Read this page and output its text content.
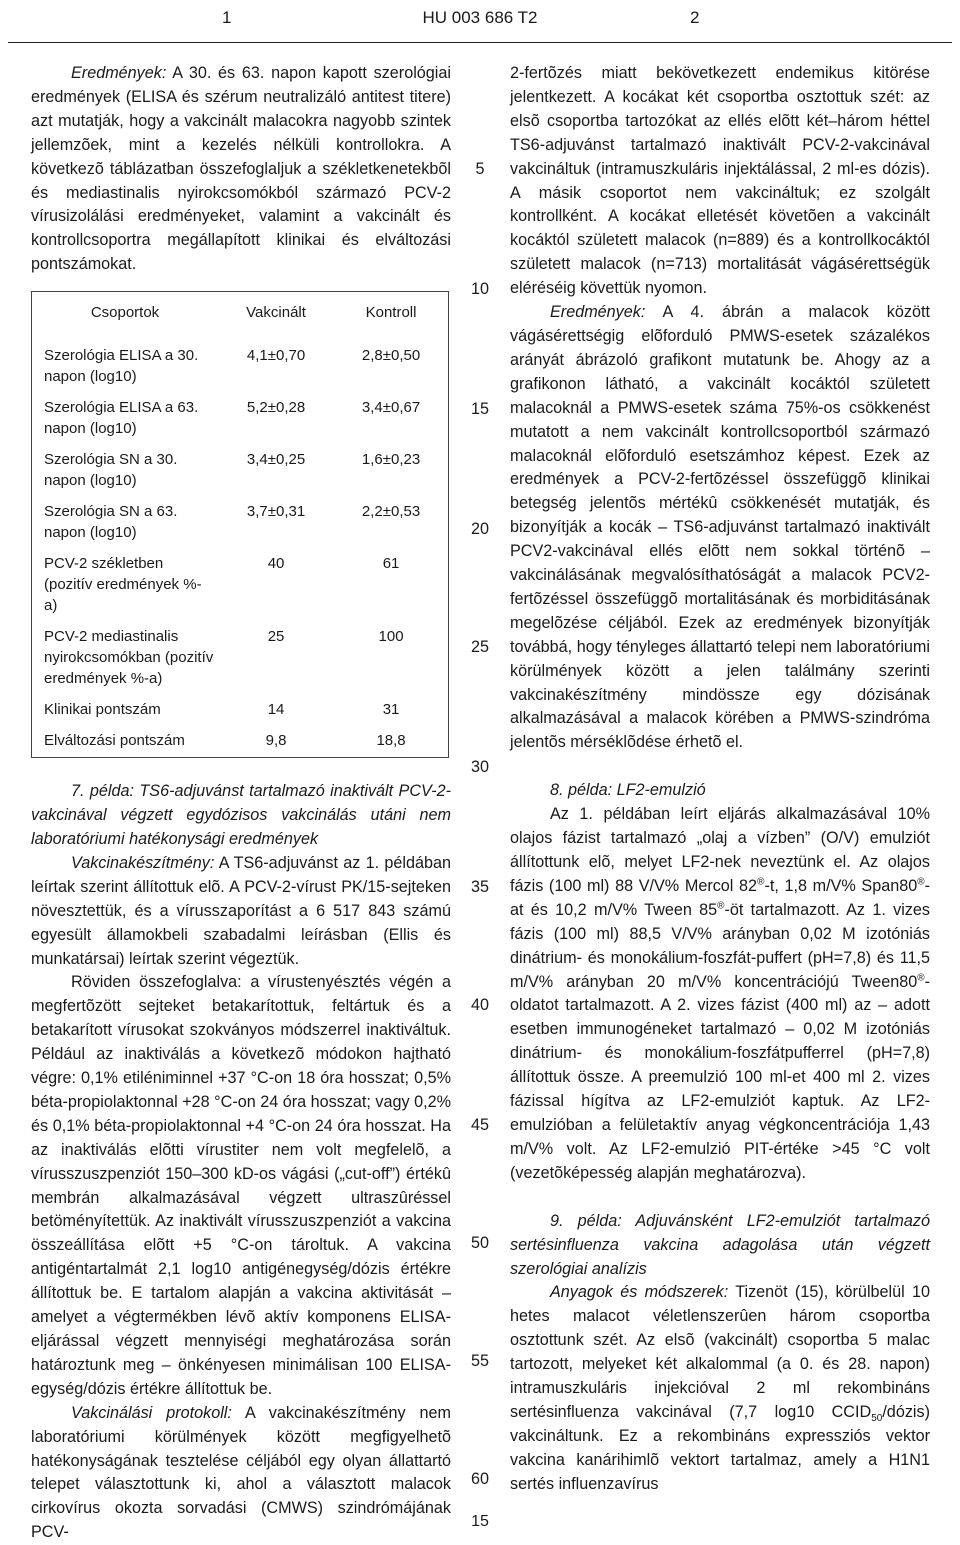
1	HU 003 686 T2	2

Eredmények: A 30. és 63. napon kapott szerológiai eredmények (ELISA és szérum neutralizáló antitest titere) azt mutatják, hogy a vakcinált malacokra nagyobb szintek jellemzõek, mint a kezelés nélküli kontrollokra. A következõ táblázatban összefoglaljuk a székletkenetekbõl és mediastinalis nyirokcsomókból származó PCV-2 vírusizolálási eredményeket, valamint a vakcinált és kontrollcsoportra megállapított klinikai és elváltozási pontszámokat.

Csoportok	Vakcinált	Kontroll
Szerológia ELISA a 30. napon (log10)	4,1±0,70	2,8±0,50
Szerológia ELISA a 63. napon (log10)	5,2±0,28	3,4±0,67
Szerológia SN a 30. napon (log10)	3,4±0,25	1,6±0,23
Szerológia SN a 63. napon (log10)	3,7±0,31	2,2±0,53
PCV-2 székletben (pozitív eredmények %-a)	40	61
PCV-2 mediastinalis nyirokcsomókban (pozitív eredmények %-a)	25	100
Klinikai pontszám	14	31
Elváltozási pontszám	9,8	18,8

7. példa: TS6-adjuvánst tartalmazó inaktivált PCV-2-vakcinával végzett egydózisos vakcinálás utáni nem laboratóriumi hatékonysági eredmények

Vakcinakészítmény: A TS6-adjuvánst az 1. példában leírtak szerint állítottuk elõ. A PCV-2-vírust PK/15-sejteken növesztettük, és a vírusszaporítást a 6 517 843 számú egyesült államokbeli szabadalmi leírásban (Ellis és munkatársai) leírtak szerint végeztük.

Röviden összefoglalva: a vírustenyésztés végén a megfertõzött sejteket betakarítottuk, feltártuk és a betakarított vírusokat szokványos módszerrel inaktiváltuk. Például az inaktiválás a következõ módokon hajtható végre: 0,1% etiléniminnel +37 °C-on 18 óra hosszat; 0,5% béta-propiolaktonnal +28 °C-on 24 óra hosszat; vagy 0,2% és 0,1% béta-propiolaktonnal +4 °C-on 24 óra hosszat. Ha az inaktiválás elõtti vírustiter nem volt megfelelõ, a vírusszuszpenziót 150–300 kD-os vágási („cut-off”) értékû membrán alkalmazásával végzett ultraszûréssel betöményítettük. Az inaktivált vírusszuszpenziót a vakcina összeállítása elõtt +5 °C-on tároltuk. A vakcina antigéntartalmát 2,1 log10 antigénegység/dózis értékre állítottuk be. E tartalom alapján a vakcina aktivitását – amelyet a végtermékben lévõ aktív komponens ELISA-eljárással végzett mennyiségi meghatározása során határoztunk meg – önkényesen minimálisan 100 ELISA-egység/dózis értékre állítottuk be.

Vakcinálási protokoll: A vakcinakészítmény nem laboratóriumi körülmények között megfigyelhetõ hatékonyságának tesztelése céljából egy olyan állattartó telepet választottunk ki, ahol a választott malacok cirkovírus okozta sorvadási (CMWS) szindrómájának PCV-

5
10
15
20
25
30
35
40
45
50
55
60

2-fertõzés miatt bekövetkezett endemikus kitörése jelentkezett. A kocákat két csoportba osztottuk szét: az elsõ csoportba tartozókat az ellés elõtt két–három héttel TS6-adjuvánst tartalmazó inaktivált PCV-2-vakcinával vakcináltuk (intramuszkuláris injektálással, 2 ml-es dózis). A másik csoportot nem vakcináltuk; ez szolgált kontrollként. A kocákat elletését követõen a vakcinált kocáktól született malacok (n=889) és a kontrollkocáktól született malacok (n=713) mortalitását vágásérettségük eléréséig követtük nyomon.

Eredmények: A 4. ábrán a malacok között vágásérettségig elõforduló PMWS-esetek százalékos arányát ábrázoló grafikont mutatunk be. Ahogy az a grafikonon látható, a vakcinált kocáktól született malacoknál a PMWS-esetek száma 75%-os csökkenést mutatott a nem vakcinált kontrollcsoportból származó malacoknál elõforduló esetszámhoz képest. Ezek az eredmények a PCV-2-fertõzéssel összefüggõ klinikai betegség jelentõs mértékû csökkenését mutatják, és bizonyítják a kocák – TS6-adjuvánst tartalmazó inaktivált PCV2-vakcinával ellés elõtt nem sokkal történõ – vakcinálásának megvalósíthatóságát a malacok PCV2-fertõzéssel összefüggõ mortalitásának és morbiditásának megelõzése céljából. Ezek az eredmények bizonyítják továbbá, hogy tényleges állattartó telepi nem laboratóriumi körülmények között a jelen találmány szerinti vakcinakészítmény mindössze egy dózisának alkalmazásával a malacok körében a PMWS-szindróma jelentõs mérséklõdése érhetõ el.

8. példa: LF2-emulzió

Az 1. példában leírt eljárás alkalmazásával 10% olajos fázist tartalmazó „olaj a vízben” (O/V) emulziót állítottunk elõ, melyet LF2-nek neveztünk el. Az olajos fázis (100 ml) 88 V/V% Mercol 82®-t, 1,8 m/V% Span80®-at és 10,2 m/V% Tween 85®-öt tartalmazott. Az 1. vizes fázis (100 ml) 88,5 V/V% arányban 0,02 M izotóniás dinátrium- és monokálium-foszfát-puffert (pH=7,8) és 11,5 m/V% arányban 20 m/V% koncentrációjú Tween80®-oldatot tartalmazott. A 2. vizes fázist (400 ml) az – adott esetben immunogéneket tartalmazó – 0,02 M izotóniás dinátrium- és monokálium-foszfátpufferrel (pH=7,8) állítottuk össze. A preemulzió 100 ml-et 400 ml 2. vizes fázissal hígítva az LF2-emulziót kaptuk. Az LF2-emulzióban a felületaktív anyag végkoncentrációja 1,43 m/V% volt. Az LF2-emulzió PIT-értéke >45 °C volt (vezetõképesség alapján meghatározva).

9. példa: Adjuvánsként LF2-emulziót tartalmazó sertésinfluenza vakcina adagolása után végzett szerológiai analízis

Anyagok és módszerek: Tizenöt (15), körülbelül 10 hetes malacot véletlenszerûen három csoportba osztottunk szét. Az elsõ (vakcinált) csoportba 5 malac tartozott, melyeket két alkalommal (a 0. és 28. napon) intramuszkuláris injekcióval 2 ml rekombináns sertésinfluenza vakcinával (7,7 log10 $CCID_{50}/dózis$) vakcináltunk. Ez a rekombináns expressziós vektor vakcina kanárihimlõ vektort tartalmaz, amely a H1N1 sertés influenzavírus

15
